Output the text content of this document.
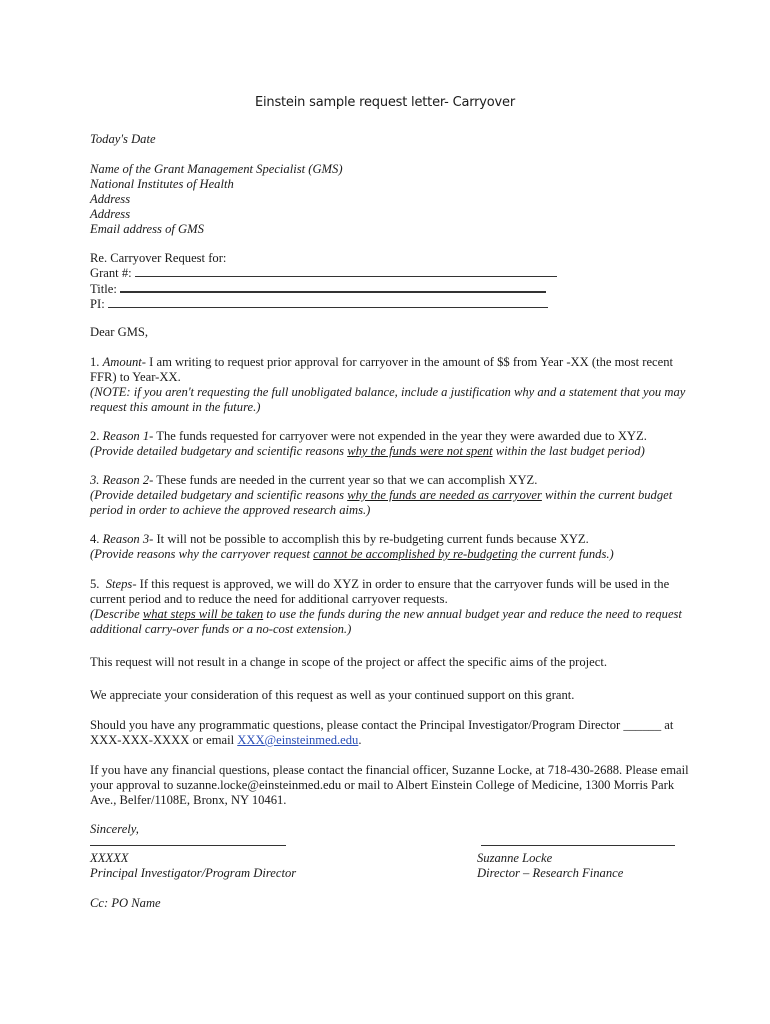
Einstein sample request letter- Carryover
Today's Date
Name of the Grant Management Specialist (GMS)
National Institutes of Health
Address
Address
Email address of GMS
Re. Carryover Request for:
Grant #:
Title:
PI:
Dear GMS,
1. Amount- I am writing to request prior approval for carryover in the amount of $$ from Year -XX (the most recent FFR) to Year-XX.
(NOTE: if you aren't requesting the full unobligated balance, include a justification why and a statement that you may request this amount in the future.)
2. Reason 1- The funds requested for carryover were not expended in the year they were awarded due to XYZ.
(Provide detailed budgetary and scientific reasons why the funds were not spent within the last budget period)
3. Reason 2- These funds are needed in the current year so that we can accomplish XYZ.
(Provide detailed budgetary and scientific reasons why the funds are needed as carryover within the current budget period in order to achieve the approved research aims.)
4. Reason 3- It will not be possible to accomplish this by re-budgeting current funds because XYZ.
(Provide reasons why the carryover request cannot be accomplished by re-budgeting the current funds.)
5. Steps- If this request is approved, we will do XYZ in order to ensure that the carryover funds will be used in the current period and to reduce the need for additional carryover requests.
(Describe what steps will be taken to use the funds during the new annual budget year and reduce the need to request additional carry-over funds or a no-cost extension.)
This request will not result in a change in scope of the project or affect the specific aims of the project.
We appreciate your consideration of this request as well as your continued support on this grant.
Should you have any programmatic questions, please contact the Principal Investigator/Program Director ______ at XXX-XXX-XXXX or email XXX@einsteinmed.edu.
If you have any financial questions, please contact the financial officer, Suzanne Locke, at 718-430-2688. Please email your approval to suzanne.locke@einsteinmed.edu or mail to Albert Einstein College of Medicine, 1300 Morris Park Ave., Belfer/1108E, Bronx, NY 10461.
Sincerely,
XXXXX
Principal Investigator/Program Director
Suzanne Locke
Director – Research Finance
Cc: PO Name
